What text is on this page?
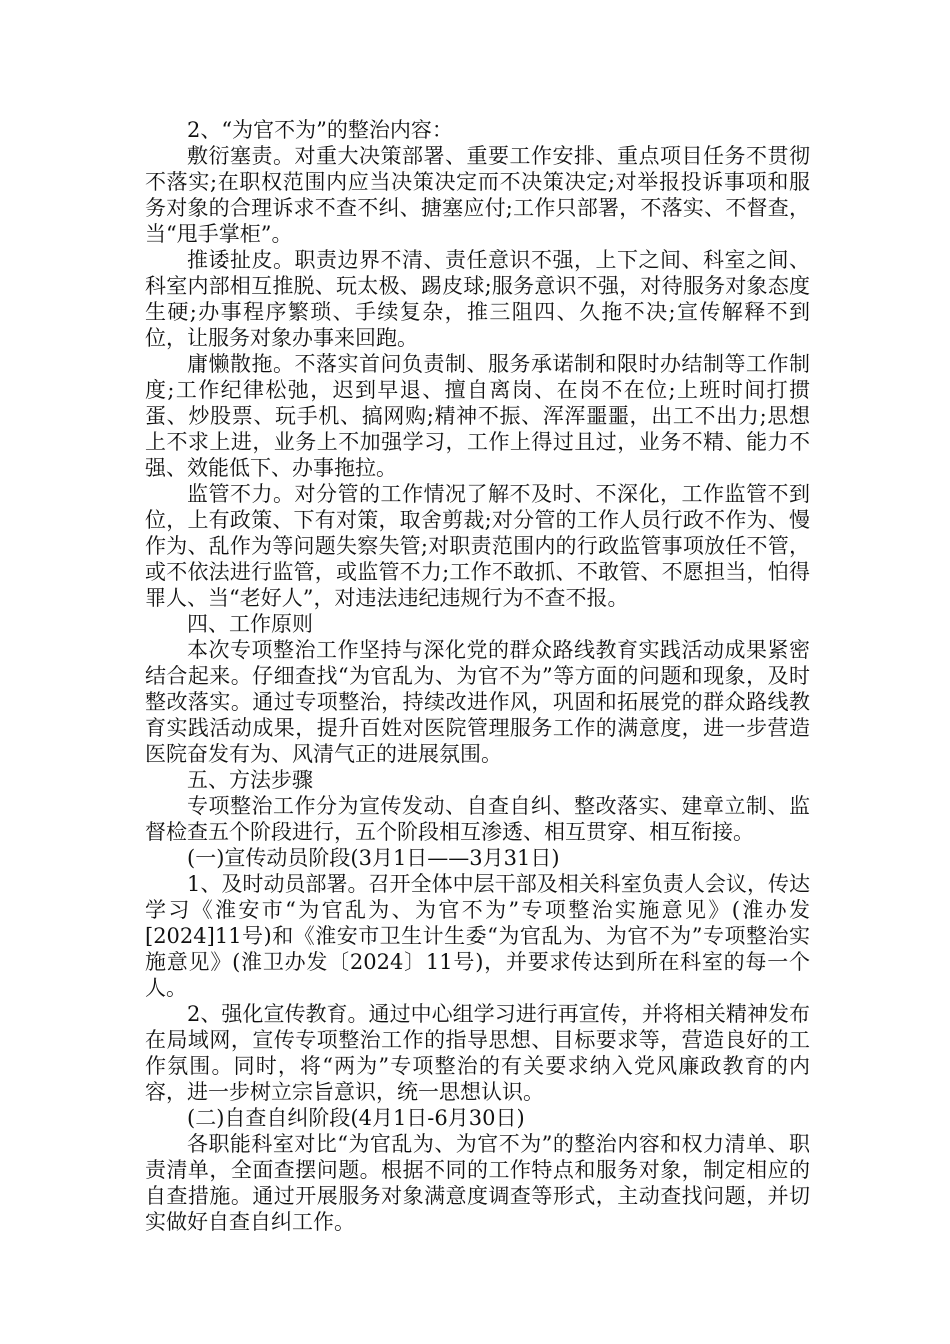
2、“为官不为”的整治内容：

敷衍塞责。对重大决策部署、重要工作安排、重点项目任务不贯彻不落实;在职权范围内应当决策决定而不决策决定;对举报投诉事项和服务对象的合理诉求不查不纠、搪塞应付;工作只部署，不落实、不督查，当“甩手掌柜”。

推诿扯皮。职责边界不清、责任意识不强，上下之间、科室之间、科室内部相互推脱、玩太极、踢皮球;服务意识不强，对待服务对象态度生硬;办事程序繁琐、手续复杂，推三阻四、久拖不决;宣传解释不到位，让服务对象办事来回跑。

庸懒散拖。不落实首问负责制、服务承诺制和限时办结制等工作制度;工作纪律松弛，迟到早退、擅自离岗、在岗不在位;上班时间打掼蛋、炒股票、玩手机、搞网购;精神不振、浑浑噩噩，出工不出力;思想上不求上进，业务上不加强学习，工作上得过且过，业务不精、能力不强、效能低下、办事拖拉。

监管不力。对分管的工作情况了解不及时、不深化，工作监管不到位，上有政策、下有对策，取舍剪裁;对分管的工作人员行政不作为、慢作为、乱作为等问题失察失管;对职责范围内的行政监管事项放任不管，或不依法进行监管，或监管不力;工作不敢抓、不敢管、不愿担当，怕得罪人、当“老好人”，对违法违纪违规行为不查不报。

四、工作原则

本次专项整治工作坚持与深化党的群众路线教育实践活动成果紧密结合起来。仔细查找“为官乱为、为官不为”等方面的问题和现象，及时整改落实。通过专项整治，持续改进作风，巩固和拓展党的群众路线教育实践活动成果，提升百姓对医院管理服务工作的满意度，进一步营造医院奋发有为、风清气正的进展氛围。

五、方法步骤

专项整治工作分为宣传发动、自查自纠、整改落实、建章立制、监督检查五个阶段进行，五个阶段相互渗透、相互贯穿、相互衔接。

(一)宣传动员阶段(3月1日——3月31日)

1、及时动员部署。召开全体中层干部及相关科室负责人会议，传达学习《淮安市“为官乱为、为官不为”专项整治实施意见》(淮办发[2024]11号)和《淮安市卫生计生委“为官乱为、为官不为”专项整治实施意见》(淮卫办发〔2024〕11号)，并要求传达到所在科室的每一个人。

2、强化宣传教育。通过中心组学习进行再宣传，并将相关精神发布在局域网，宣传专项整治工作的指导思想、目标要求等，营造良好的工作氛围。同时，将“两为”专项整治的有关要求纳入党风廉政教育的内容，进一步树立宗旨意识，统一思想认识。

(二)自查自纠阶段(4月1日-6月30日)

各职能科室对比“为官乱为、为官不为”的整治内容和权力清单、职责清单，全面查摆问题。根据不同的工作特点和服务对象，制定相应的自查措施。通过开展服务对象满意度调查等形式，主动查找问题，并切实做好自查自纠工作。
